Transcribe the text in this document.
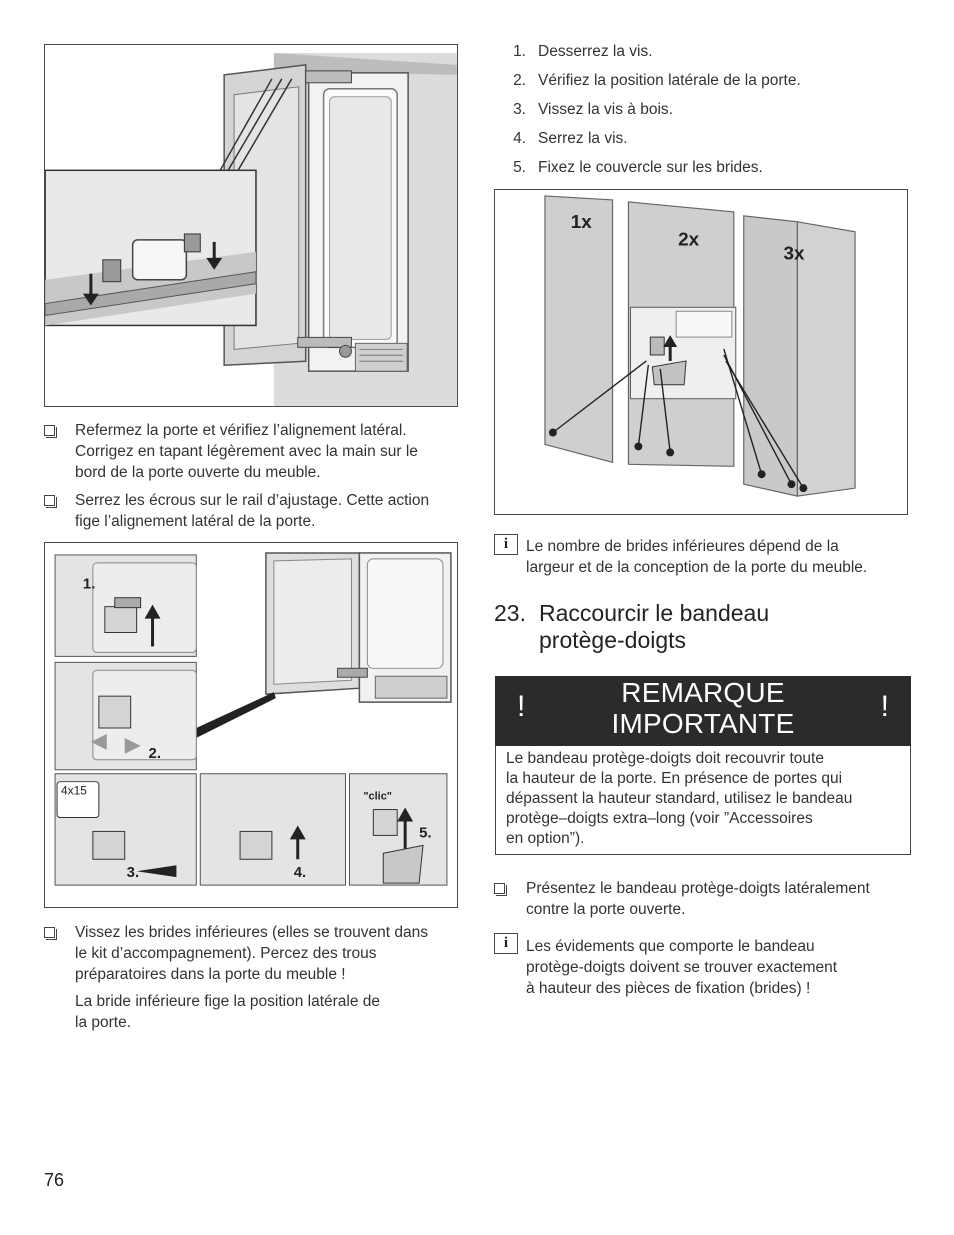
Refermez la porte et vérifiez l’alignement latéral.
Corrigez en tapant légèrement avec la main sur le
bord de la porte ouverte du meuble.
Serrez les écrous sur le rail d’ajustage. Cette action
fige l’alignement latéral de la porte.
1.
2.
4x15
3.	4.
"clic"
5.
Vissez les brides inférieures (elles se trouvent dans
le kit d’accompagnement). Percez des trous
préparatoires dans la porte du meuble !
La bride inférieure fige la position latérale de
la porte.
1. Desserrez la vis.
2. Vérifiez la position latérale de la porte.
3. Vissez la vis à bois.
4. Serrez la vis.
5. Fixez le couvercle sur les brides.
1x
2x
3x
i	Le nombre de brides inférieures dépend de la
largeur et de la conception de la porte du meuble.
23. Raccourcir le bandeau
protège-doigts
!	REMARQUE
IMPORTANTE
!
Le bandeau protège-doigts doit recouvrir toute
la hauteur de la porte. En présence de portes qui
dépassent la hauteur standard, utilisez le bandeau
protège–doigts extra–long (voir ”Accessoires
en option”).
Présentez le bandeau protège-doigts latéralement
contre la porte ouverte.
i	Les évidements que comporte le bandeau
protège-doigts doivent se trouver exactement
à hauteur des pièces de fixation (brides) !
76
